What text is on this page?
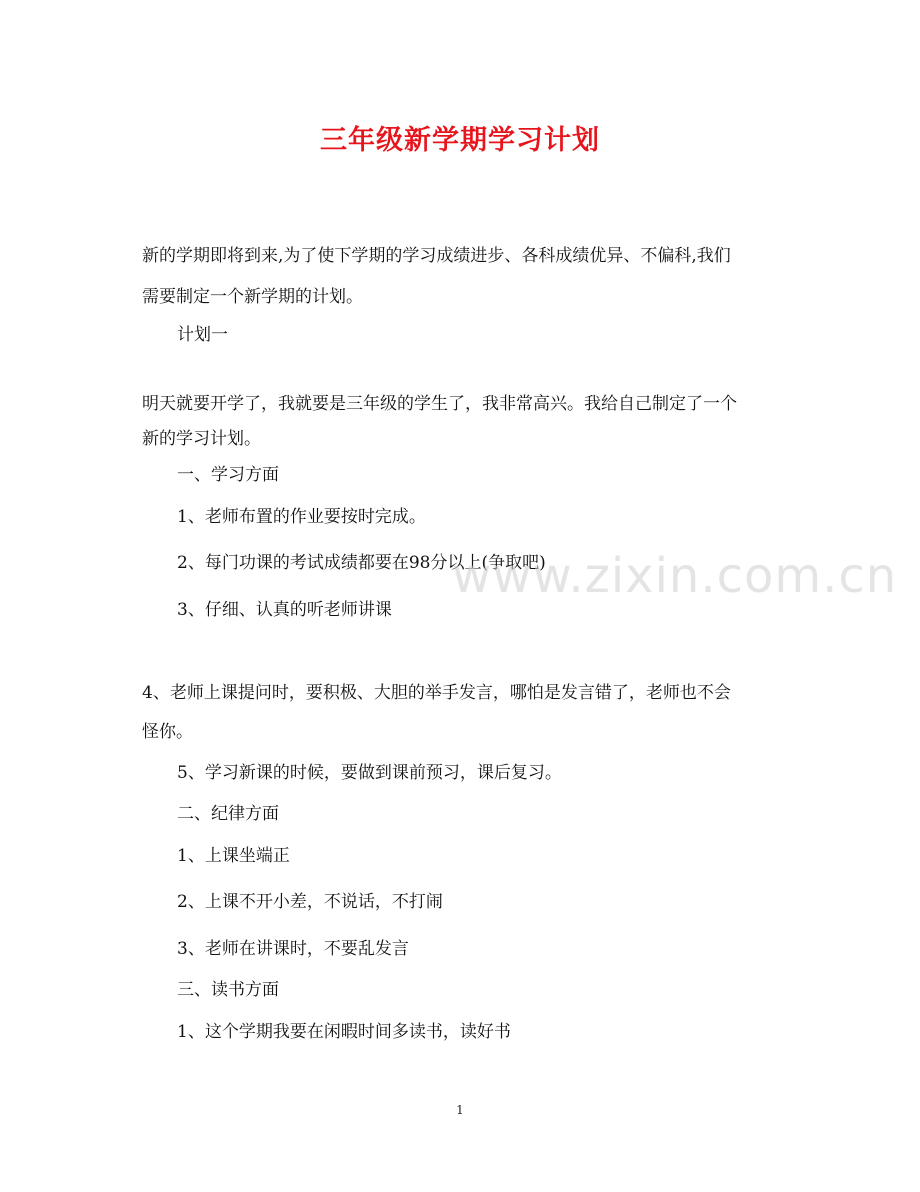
三年级新学期学习计划
新的学期即将到来,为了使下学期的学习成绩进步、各科成绩优异、不偏科,我们
需要制定一个新学期的计划。
计划一
明天就要开学了，我就要是三年级的学生了，我非常高兴。我给自己制定了一个
新的学习计划。
一、学习方面
1、老师布置的作业要按时完成。
2、每门功课的考试成绩都要在98分以上(争取吧)
3、仔细、认真的听老师讲课
4、老师上课提问时，要积极、大胆的举手发言，哪怕是发言错了，老师也不会
怪你。
5、学习新课的时候，要做到课前预习，课后复习。
二、纪律方面
1、上课坐端正
2、上课不开小差，不说话，不打闹
3、老师在讲课时，不要乱发言
三、读书方面
1、这个学期我要在闲暇时间多读书，读好书
www.zixin.com.cn
1
